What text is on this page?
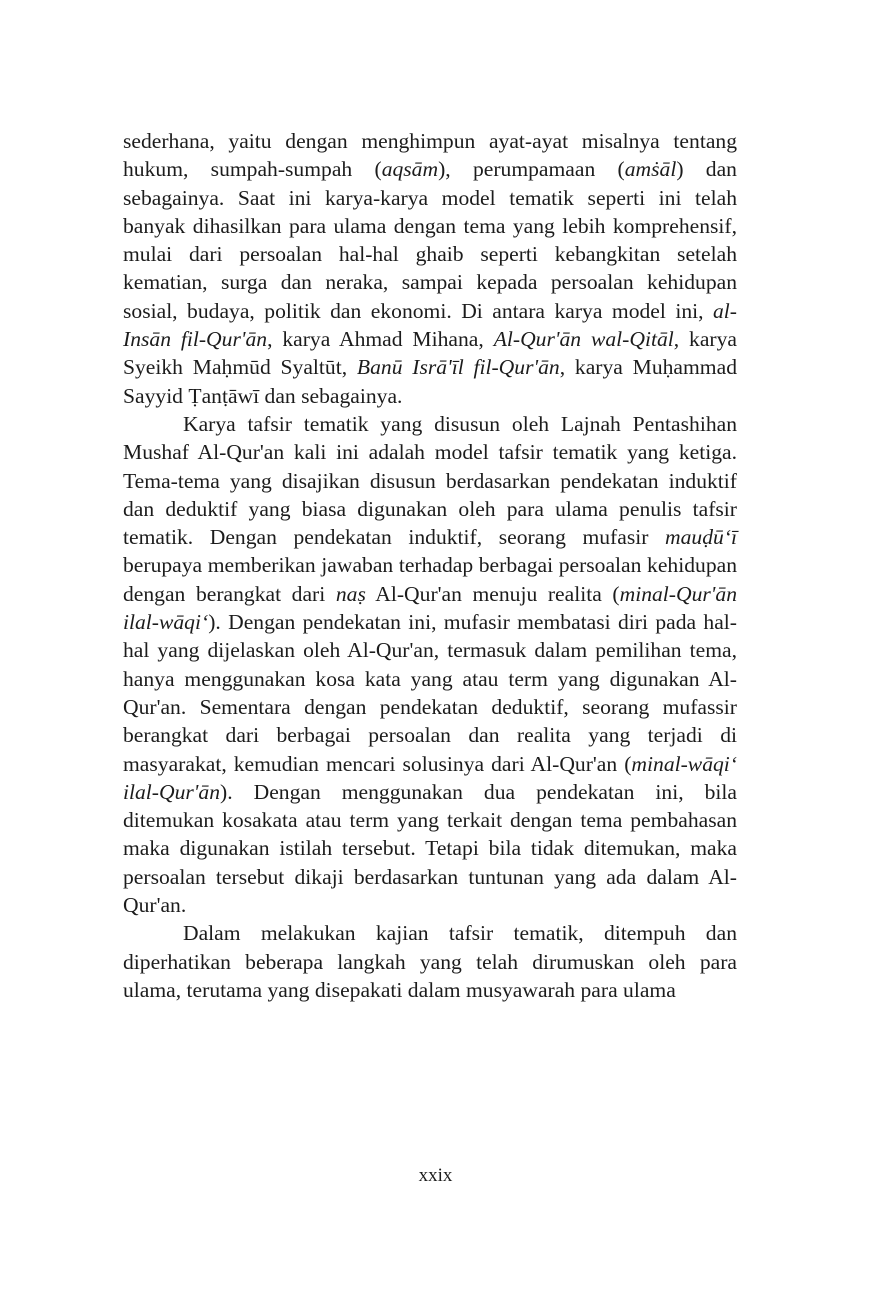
sederhana, yaitu dengan menghimpun ayat-ayat misalnya tentang hukum, sumpah-sumpah (aqsām), perumpamaan (amṡāl) dan sebagainya. Saat ini karya-karya model tematik seperti ini telah banyak dihasilkan para ulama dengan tema yang lebih komprehensif, mulai dari persoalan hal-hal ghaib seperti kebangkitan setelah kematian, surga dan neraka, sampai kepada persoalan kehidupan sosial, budaya, politik dan ekonomi. Di antara karya model ini, al-Insān fil-Qur'ān, karya Ahmad Mihana, Al-Qur'ān wal-Qitāl, karya Syeikh Maḥmūd Syaltūt, Banū Isrā'īl fil-Qur'ān, karya Muḥammad Sayyid Ṭanṭāwī dan sebagainya.

Karya tafsir tematik yang disusun oleh Lajnah Pentashihan Mushaf Al-Qur'an kali ini adalah model tafsir tematik yang ketiga. Tema-tema yang disajikan disusun berdasarkan pendekatan induktif dan deduktif yang biasa digunakan oleh para ulama penulis tafsir tematik. Dengan pendekatan induktif, seorang mufasir mauḍū‘ī berupaya memberikan jawaban terhadap berbagai persoalan kehidupan dengan berangkat dari naṣ Al-Qur'an menuju realita (minal-Qur'ān ilal-wāqi‘). Dengan pendekatan ini, mufasir membatasi diri pada hal-hal yang dijelaskan oleh Al-Qur'an, termasuk dalam pemilihan tema, hanya menggunakan kosa kata yang atau term yang digunakan Al-Qur'an. Sementara dengan pendekatan deduktif, seorang mufassir berangkat dari berbagai persoalan dan realita yang terjadi di masyarakat, kemudian mencari solusinya dari Al-Qur'an (minal-wāqi‘ ilal-Qur'ān). Dengan menggunakan dua pendekatan ini, bila ditemukan kosakata atau term yang terkait dengan tema pembahasan maka digunakan istilah tersebut. Tetapi bila tidak ditemukan, maka persoalan tersebut dikaji berdasarkan tuntunan yang ada dalam Al-Qur'an.

Dalam melakukan kajian tafsir tematik, ditempuh dan diperhatikan beberapa langkah yang telah dirumuskan oleh para ulama, terutama yang disepakati dalam musyawarah para ulama

xxix
